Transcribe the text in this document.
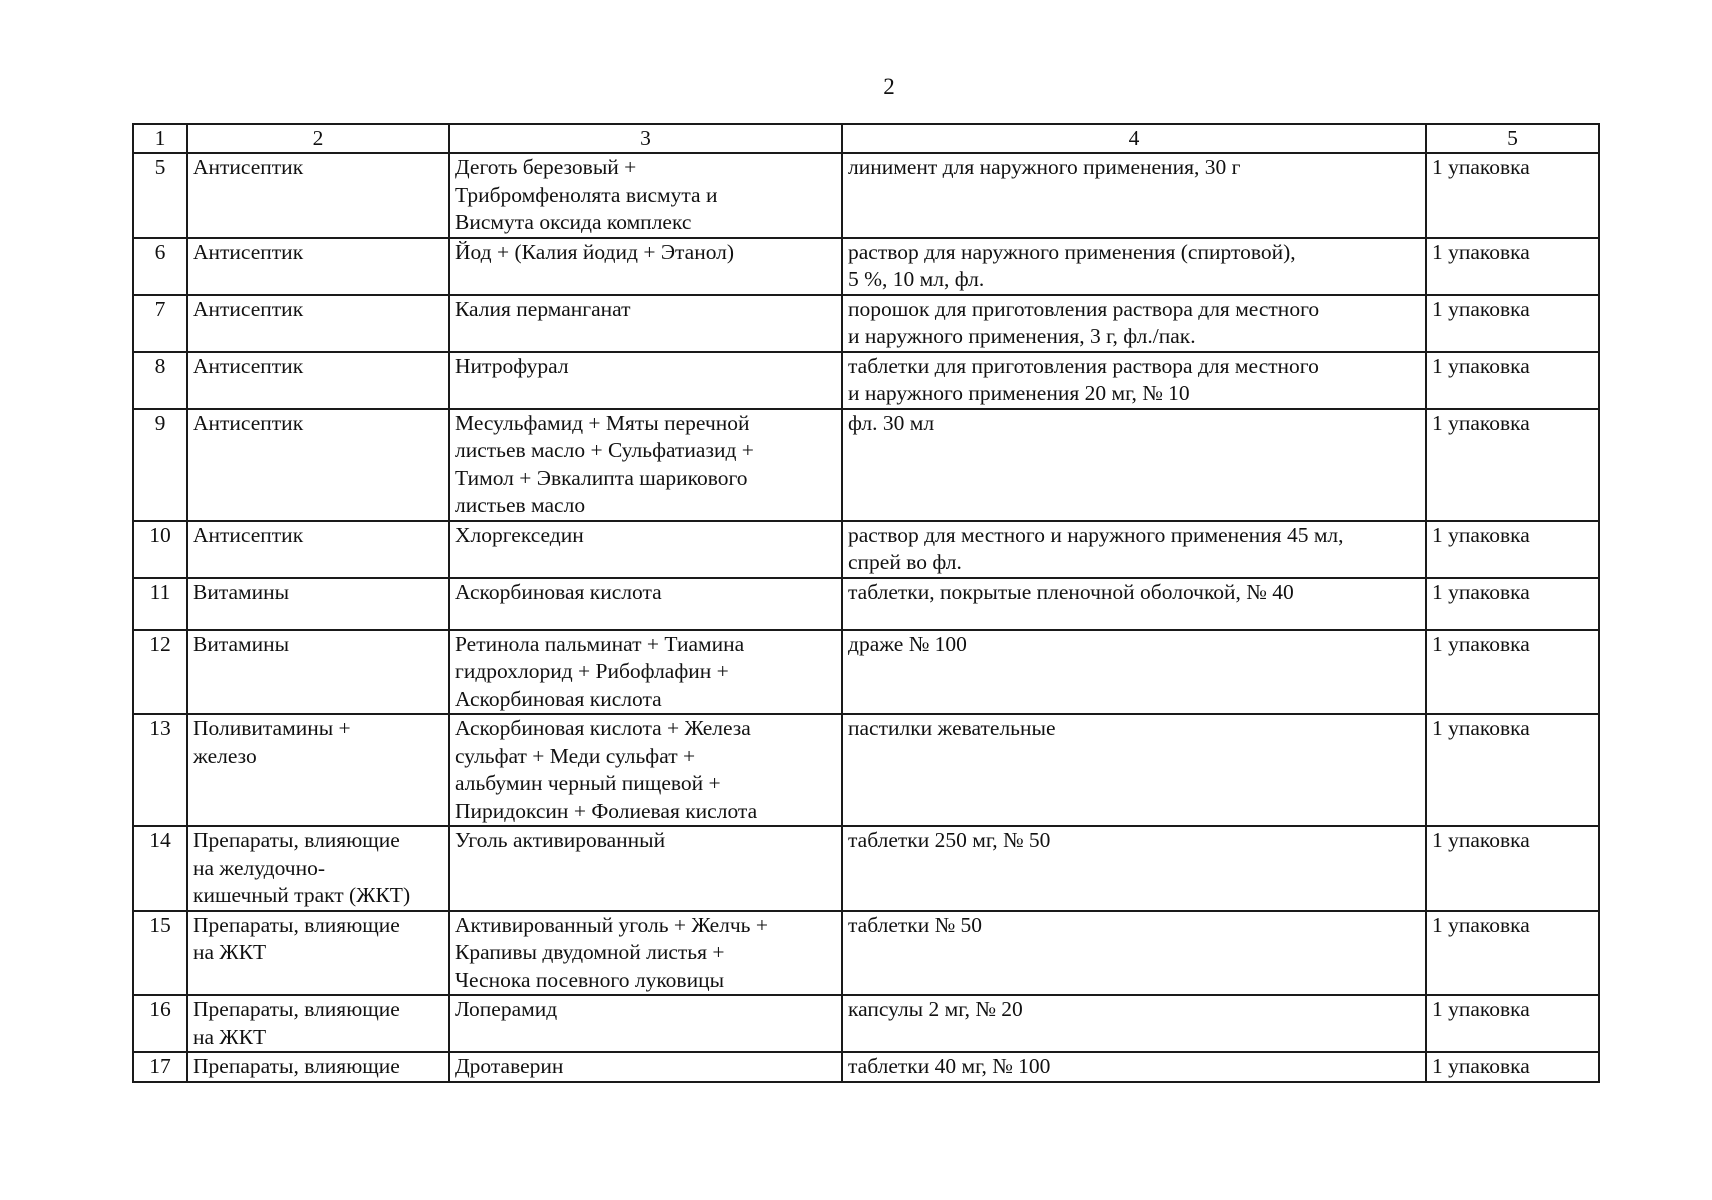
2
1	2	3	4	5
5	Антисептик	Деготь березовый +
Трибромфенолята висмута и
Висмута оксида комплекс	линимент для наружного применения, 30 г	1 упаковка
6	Антисептик	Йод + (Калия йодид + Этанол)	раствор для наружного применения (спиртовой),
5 %, 10 мл, фл.	1 упаковка
7	Антисептик	Калия перманганат	порошок для приготовления раствора для местного
и наружного применения, 3 г, фл./пак.	1 упаковка
8	Антисептик	Нитрофурал	таблетки для приготовления раствора для местного
и наружного применения 20 мг, № 10	1 упаковка
9	Антисептик	Месульфамид + Мяты перечной
листьев масло + Сульфатиазид +
Тимол + Эвкалипта шарикового
листьев масло	фл. 30 мл	1 упаковка
10	Антисептик	Хлоргекседин	раствор для местного и наружного применения 45 мл,
спрей во фл.	1 упаковка
11	Витамины	Аскорбиновая кислота	таблетки, покрытые пленочной оболочкой, № 40	1 упаковка
12	Витамины	Ретинола пальминат + Тиамина
гидрохлорид + Рибофлафин +
Аскорбиновая кислота	драже № 100	1 упаковка
13	Поливитамины +
железо	Аскорбиновая кислота + Железа
сульфат + Меди сульфат +
альбумин черный пищевой +
Пиридоксин + Фолиевая кислота	пастилки жевательные	1 упаковка
14	Препараты, влияющие
на желудочно-
кишечный тракт (ЖКТ)	Уголь активированный	таблетки 250 мг, № 50	1 упаковка
15	Препараты, влияющие
на ЖКТ	Активированный уголь + Желчь +
Крапивы двудомной листья +
Чеснока посевного луковицы	таблетки № 50	1 упаковка
16	Препараты, влияющие
на ЖКТ	Лоперамид	капсулы 2 мг, № 20	1 упаковка
17	Препараты, влияющие	Дротаверин	таблетки 40 мг, № 100	1 упаковка
